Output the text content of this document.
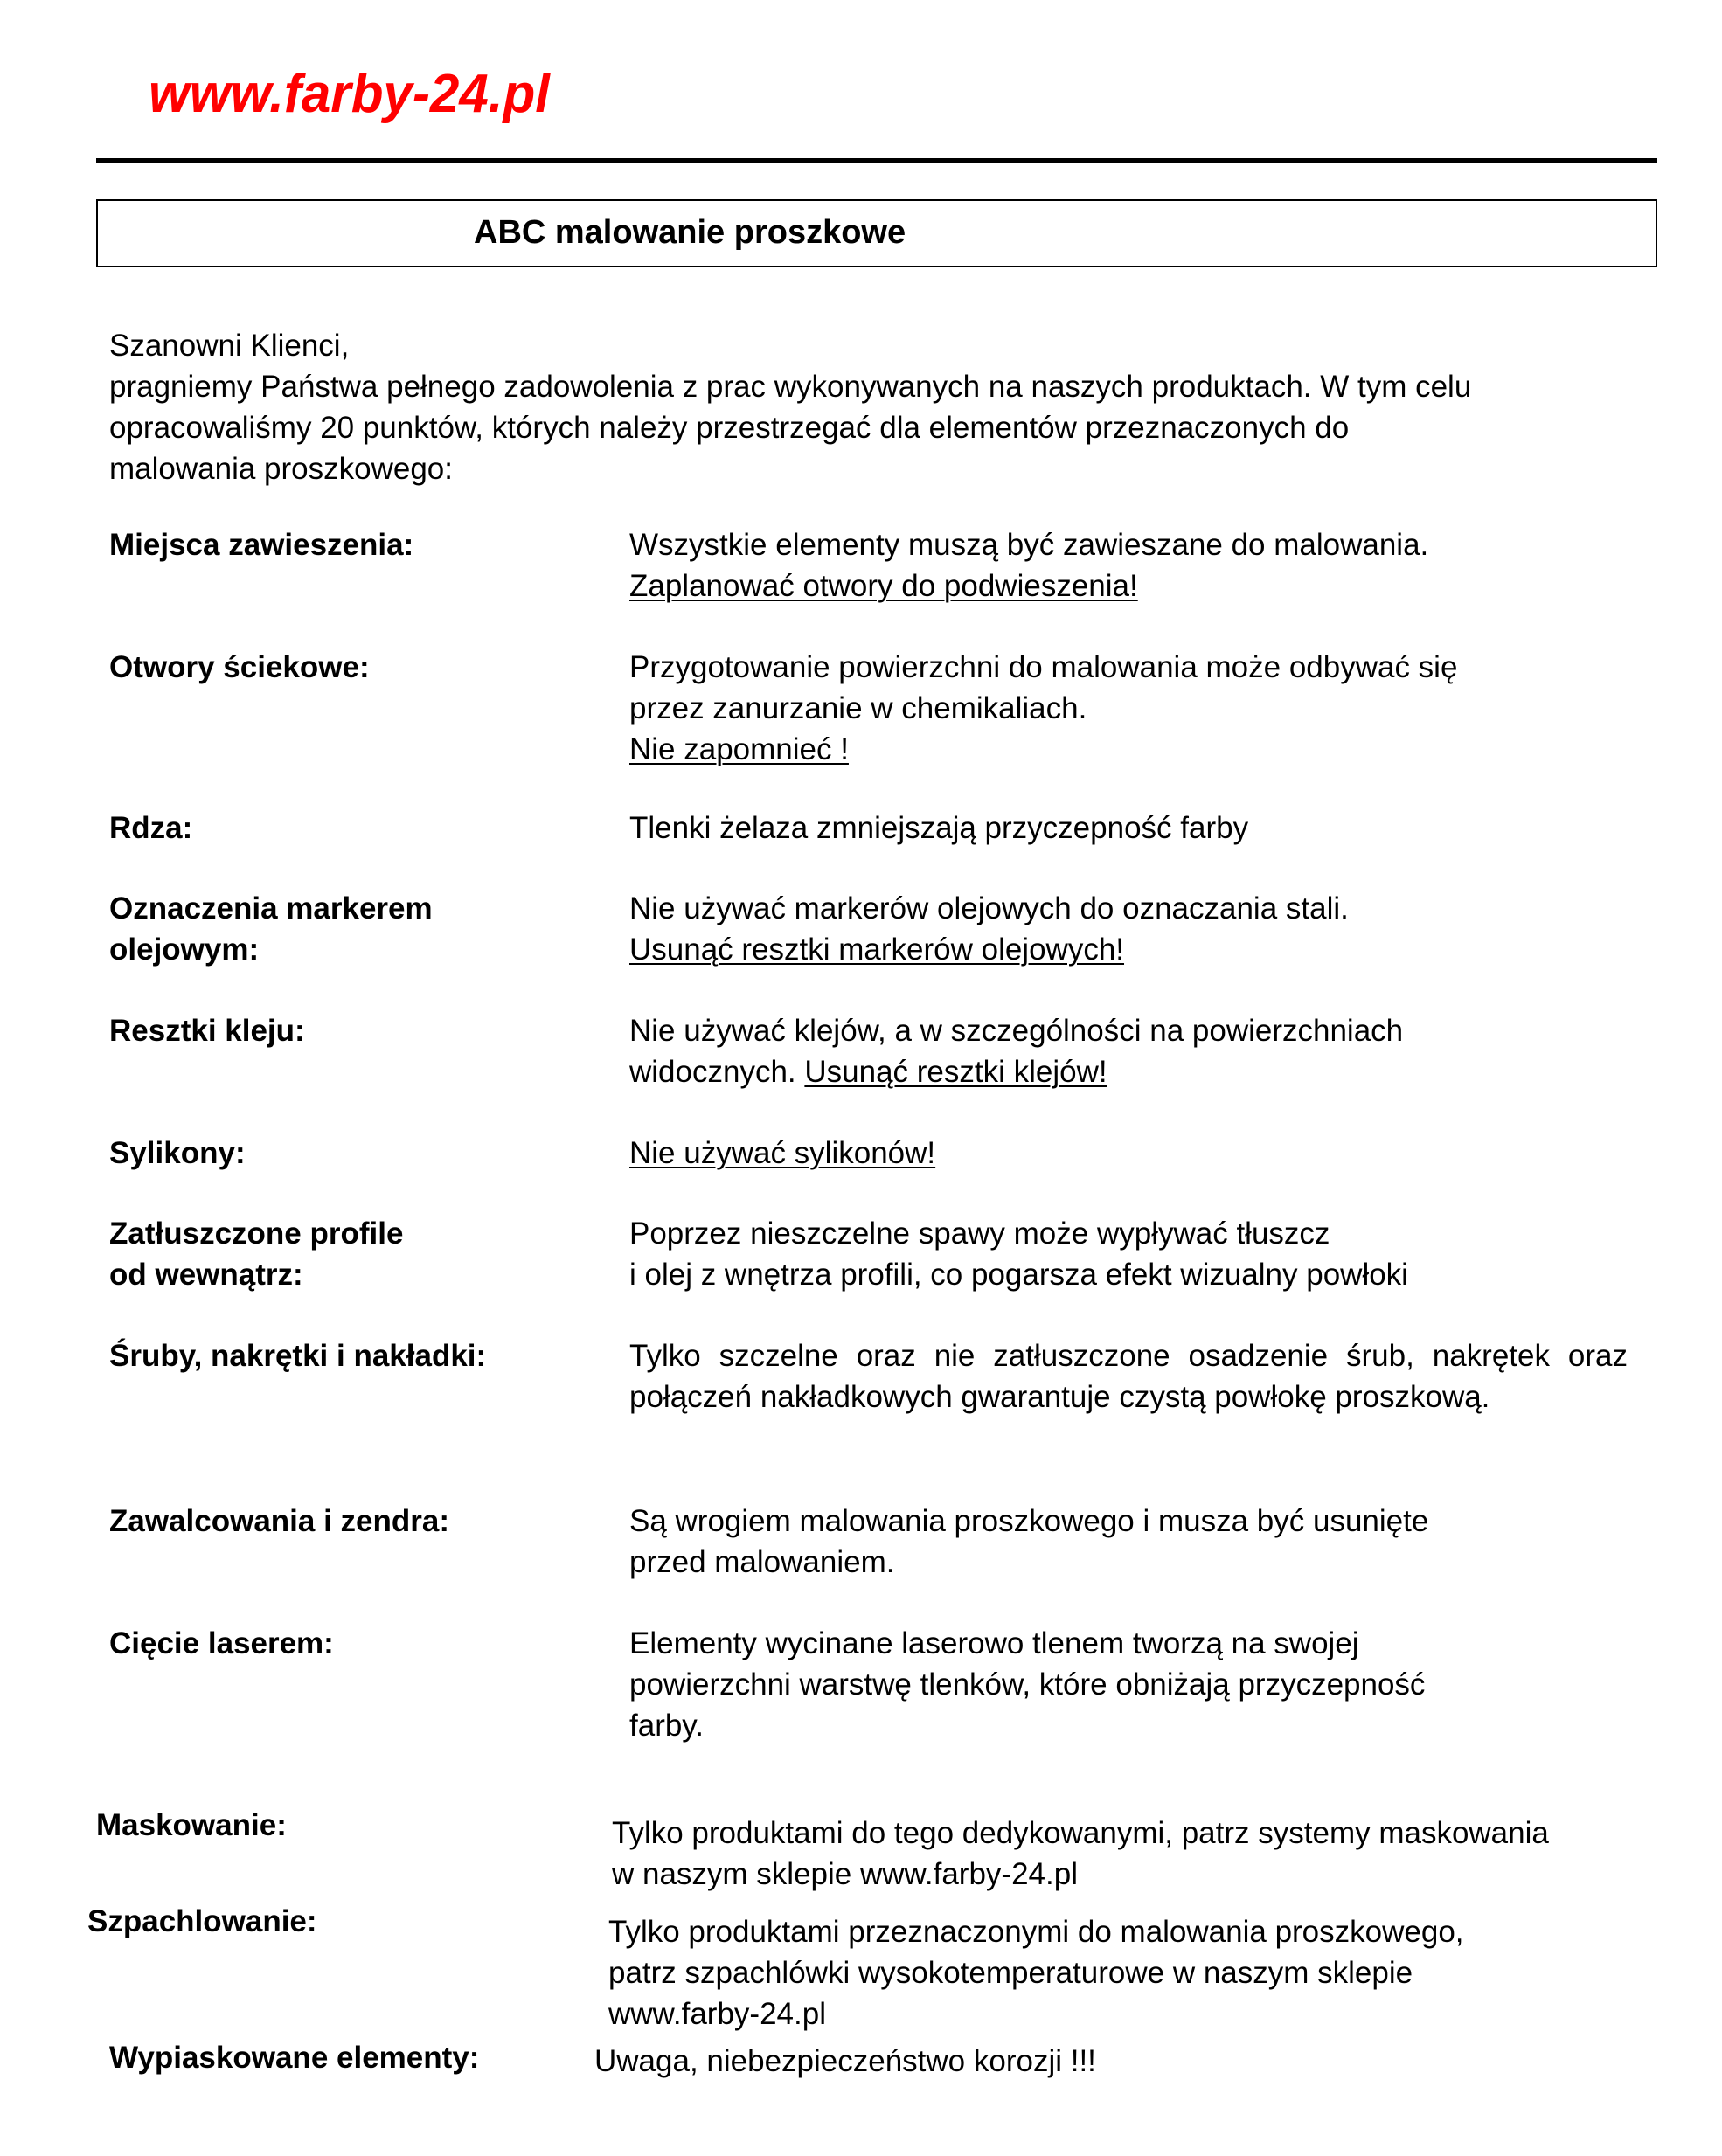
www.farby-24.pl
ABC malowanie proszkowe

Szanowni Klienci,

pragniemy Państwa pełnego zadowolenia z prac wykonywanych na naszych produktach. W tym celu

opracowaliśmy 20 punktów, których należy przestrzegać dla elementów przeznaczonych do

malowania proszkowego:

Miejsca zawieszenia:	Wszystkie elementy muszą być zawieszane do malowania.

Zaplanować otwory do podwieszenia!

Otwory ściekowe:	Przygotowanie powierzchni do malowania może odbywać się

przez zanurzanie w chemikaliach.

Nie zapomnieć !

Rdza:	Tlenki żelaza zmniejszają przyczepność farby

Oznaczenia markerem
olejowym:

Nie używać markerów olejowych do oznaczania stali.

Usunąć resztki markerów olejowych!

Resztki kleju:	Nie używać klejów, a w szczególności na powierzchniach

widocznych. Usunąć resztki klejów!

Sylikony:	Nie używać sylikonów!

Zatłuszczone profile
od wewnątrz:

Poprzez nieszczelne spawy może wypływać tłuszcz

i olej z wnętrza profili, co pogarsza efekt wizualny powłoki

Śruby, nakrętki i nakładki:	Tylko szczelne oraz nie zatłuszczone osadzenie śrub, nakrętek oraz połączeń nakładkowych gwarantuje czystą powłokę proszkową.
Zawalcowania i zendra:	Są wrogiem malowania proszkowego i musza być usunięte

przed malowaniem.

Cięcie laserem:	Elementy wycinane laserowo tlenem tworzą na swojej

powierzchni warstwę tlenków, które obniżają przyczepność

farby.

Maskowanie:	Tylko produktami do tego dedykowanymi, patrz systemy maskowania

w naszym sklepie www.farby-24.pl

Szpachlowanie:	Tylko produktami przeznaczonymi do malowania proszkowego,

patrz szpachlówki wysokotemperaturowe w naszym sklepie

www.farby-24.pl

Wypiaskowane elementy:	Uwaga, niebezpieczeństwo korozji !!!
